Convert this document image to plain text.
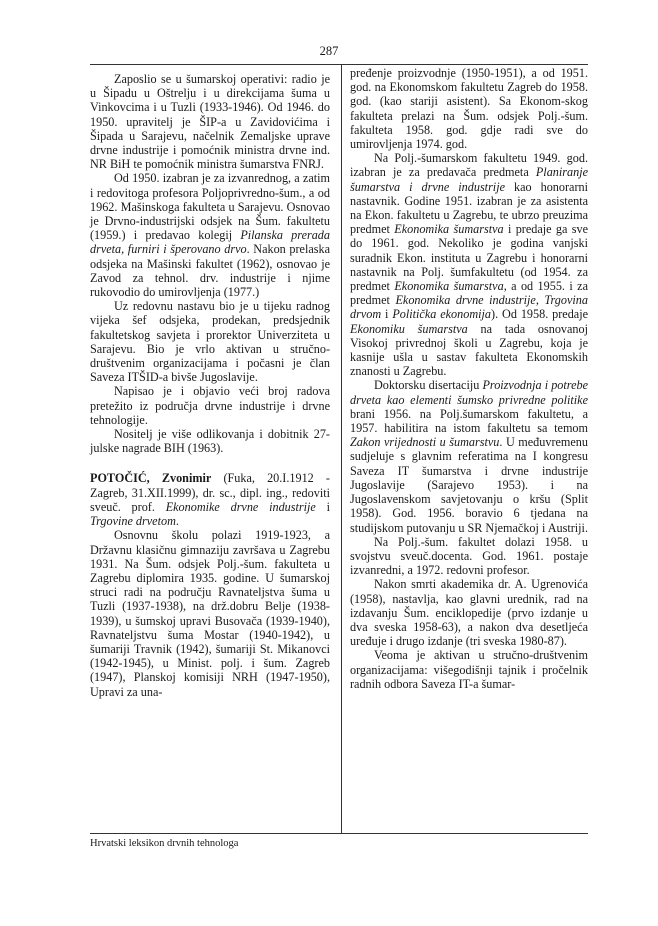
287

Zaposlio se u šumarskoj operativi: radio je u Šipadu u Oštrelju i u direkcijama šuma u Vinkovcima i u Tuzli (1933-1946). Od 1946. do 1950. upravitelj je ŠIP-a u Zavidovićima i Šipada u Sarajevu, načelnik Zemaljske uprave drvne industrije i pomoćnik ministra drvne ind. NR BiH te pomoćnik ministra šumarstva FNRJ.

Od 1950. izabran je za izvanrednog, a zatim i redovitoga profesora Poljoprivredno-šum., a od 1962. Mašinskoga fakulteta u Sarajevu. Osnovao je Drvno-industrijski odsjek na Šum. fakultetu (1959.) i predavao kolegij Pilanska prerada drveta, furniri i šperovano drvo. Nakon prelaska odsjeka na Mašinski fakultet (1962), osnovao je Zavod za tehnol. drv. industrije i njime rukovodio do umirovljenja (1977.)

Uz redovnu nastavu bio je u tijeku radnog vijeka šef odsjeka, prodekan, predsjednik fakultetskog savjeta i prorektor Univerziteta u Sarajevu. Bio je vrlo aktivan u stručno-društvenim organizacijama i počasni je član Saveza ITŠID-a bivše Jugoslavije.

Napisao je i objavio veći broj radova pretežito iz područja drvne industrije i drvne tehnologije.

Nositelj je više odlikovanja i dobitnik 27-julske nagrade BIH (1963).

POTOČIĆ, Zvonimir (Fuka, 20.I.1912 - Zagreb, 31.XII.1999), dr. sc., dipl. ing., redoviti sveuč. prof. Ekonomike drvne industrije i Trgovine drvetom.

Osnovnu školu polazi 1919-1923, a Državnu klasičnu gimnaziju završava u Zagrebu 1931. Na Šum. odsjek Polj.-šum. fakulteta u Zagrebu diplomira 1935. godine. U šumarskoj struci radi na području Ravnateljstva šuma u Tuzli (1937-1938), na drž.dobru Belje (1938-1939), u šumskoj upravi Busovača (1939-1940), Ravnateljstvu šuma Mostar (1940-1942), u šumariji Travnik (1942), šumariji St. Mikanovci (1942-1945), u Minist. polj. i šum. Zagreb (1947), Planskoj komisiji NRH (1947-1950), Upravi za una-

pređenje proizvodnje (1950-1951), a od 1951. god. na Ekonomskom fakultetu Zagreb do 1958. god. (kao stariji asistent). Sa Ekonom-skog fakulteta prelazi na Šum. odsjek Polj.-šum. fakulteta 1958. god. gdje radi sve do umirovljenja 1974. god.

Na Polj.-šumarskom fakultetu 1949. god. izabran je za predavača predmeta Planiranje šumarstva i drvne industrije kao honorarni nastavnik. Godine 1951. izabran je za asistenta na Ekon. fakultetu u Zagrebu, te ubrzo preuzima predmet Ekonomika šumarstva i predaje ga sve do 1961. god. Nekoliko je godina vanjski suradnik Ekon. instituta u Zagrebu i honorarni nastavnik na Polj. šumfakultetu (od 1954. za predmet Ekonomika šumarstva, a od 1955. i za predmet Ekonomika drvne industrije, Trgovina drvom i Politička ekonomija). Od 1958. predaje Ekonomiku šumarstva na tada osnovanoj Visokoj privrednoj školi u Zagrebu, koja je kasnije ušla u sastav fakulteta Ekonomskih znanosti u Zagrebu.

Doktorsku disertaciju Proizvodnja i potrebe drveta kao elementi šumsko privredne politike brani 1956. na Polj.šumarskom fakultetu, a 1957. habilitira na istom fakultetu sa temom Zakon vrijednosti u šumarstvu. U međuvremenu sudjeluje s glavnim referatima na I kongresu Saveza IT šumarstva i drvne industrije Jugoslavije (Sarajevo 1953). i na Jugoslavenskom savjetovanju o kršu (Split 1958). God. 1956. boravio 6 tjedana na studijskom putovanju u SR Njemačkoj i Austriji.

Na Polj.-šum. fakultet dolazi 1958. u svojstvu sveuč.docenta. God. 1961. postaje izvanredni, a 1972. redovni profesor.

Nakon smrti akademika dr. A. Ugrenovića (1958), nastavlja, kao glavni urednik, rad na izdavanju Šum. enciklopedije (prvo izdanje u dva sveska 1958-63), a nakon dva desetljeća uređuje i drugo izdanje (tri sveska 1980-87).

Veoma je aktivan u stručno-društvenim organizacijama: višegodišnji tajnik i pročelnik radnih odbora Saveza IT-a šumar-

Hrvatski leksikon drvnih tehnologa
